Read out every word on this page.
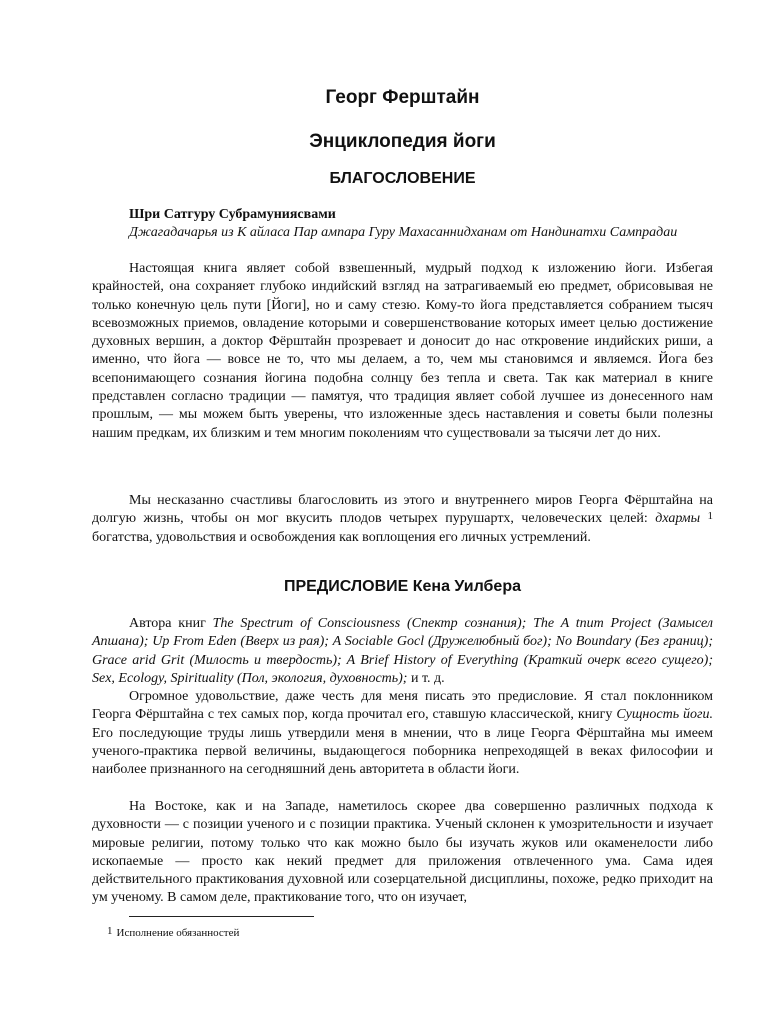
Георг Ферштайн
Энциклопедия йоги
БЛАГОСЛОВЕНИЕ

Шри Сатгуру Субрамуниясвами

Джагадачарья из К айласа Пар ампара Гуру Махасаннидханам от Нандинатхи Сампрадаи

Настоящая книга являет собой взвешенный, мудрый подход к изложению йоги. Избегая крайностей, она сохраняет глубоко индийский взгляд на затрагиваемый ею предмет, обрисовывая не только конечную цель пути [Йоги], но и саму стезю. Кому-то йога представляется собранием тысяч всевозможных приемов, овладение которыми и совершенствование которых имеет целью достижение духовных вершин, а доктор Фёрштайн прозревает и доносит до нас откровение индийских риши, а именно, что йога — вовсе не то, что мы делаем, а то, чем мы становимся и являемся. Йога без всепонимающего сознания йогина подобна солнцу без тепла и света. Так как материал в книге представлен согласно традиции — памятуя, что традиция являет собой лучшее из донесенного нам прошлым, — мы можем быть уверены, что изложенные здесь наставления и советы были полезны нашим предкам, их близким и тем многим поколениям что существовали за тысячи лет до них.

Мы несказанно счастливы благословить из этого и внутреннего миров Георга Фёрштайна на долгую жизнь, чтобы он мог вкусить плодов четырех пурушартх, человеческих целей: дхармы $^1$ богатства, удовольствия и освобождения как воплощения его личных устремлений.

ПРЕДИСЛОВИЕ Кена Уилбера

Автора книг The Spectrum of Consciousness (Спектр сознания); The A tnum Project (Замысел Апшана); Up From Eden (Вверх из рая); A Sociable Gocl (Дружелюбный бог); No Boundary (Без границ); Grace arid Grit (Милость и твердость); A Brief History of Everything (Краткий очерк всего сущего); Sex, Ecology, Spirituality (Пол, экология, духовность); и т. д.

Огромное удовольствие, даже честь для меня писать это предисловие. Я стал поклонником Георга Фёрштайна с тех самых пор, когда прочитал его, ставшую классической, книгу Сущность йоги. Его последующие труды лишь утвердили меня в мнении, что в лице Георга Фёрштайна мы имеем ученого-практика первой величины, выдающегося поборника непреходящей в веках философии и наиболее признанного на сегодняшний день авторитета в области йоги.

На Востоке, как и на Западе, наметилось скорее два совершенно различных подхода к духовности — с позиции ученого и с позиции практика. Ученый склонен к умозрительности и изучает мировые религии, потому только что как можно было бы изучать жуков или окаменелости либо ископаемые — просто как некий предмет для приложения отвлеченного ума. Сама идея действительного практикования духовной или созерцательной дисциплины, похоже, редко приходит на ум ученому. В самом деле, практикование того, что он изучает,

1 Исполнение обязанностей
